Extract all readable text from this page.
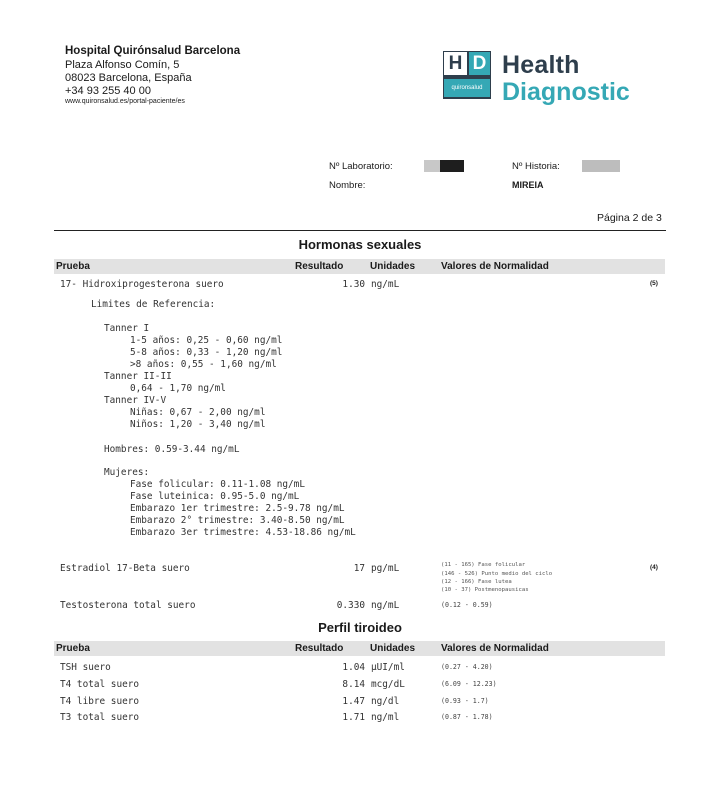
Hospital Quirónsalud Barcelona
Plaza Alfonso Comín, 5
08023 Barcelona, España
+34 93 255 40 00
www.quironsalud.es/portal-paciente/es
H D
quironsalud
Health
Diagnostic
Nº Laboratorio:	Nº Historia:
Nombre:	MIREIA
Página 2 de 3
Hormonas sexuales
Prueba	Resultado	Unidades	Valores de Normalidad
17- Hidroxiprogesterona suero	1.30 ng/mL	(5)
Limites de Referencia:
Tanner I
1-5 años: 0,25 - 0,60 ng/ml
5-8 años: 0,33 - 1,20 ng/ml
>8 años: 0,55 - 1,60 ng/ml
Tanner II-II
0,64 - 1,70 ng/ml
Tanner IV-V
Niñas: 0,67 - 2,00 ng/ml
Niños: 1,20 - 3,40 ng/ml
Hombres: 0.59-3.44 ng/mL
Mujeres:
Fase folicular: 0.11-1.08 ng/mL
Fase luteinica: 0.95-5.0 ng/mL
Embarazo 1er trimestre: 2.5-9.78 ng/mL
Embarazo 2° trimestre: 3.40-8.50 ng/mL
Embarazo 3er trimestre: 4.53-18.86 ng/mL
Estradiol 17-Beta suero	17 pg/mL	(11 - 165) Fase folicular
(146 - 526) Punto medio del ciclo
(12 - 166) Fase lutea
(10 - 37) Postmenopausicas
(4)
Testosterona total suero	0.330 ng/mL	(0.12 - 0.59)
Perfil tiroideo
Prueba	Resultado	Unidades	Valores de Normalidad
TSH suero	1.04 µUI/ml	(0.27 - 4.20)
T4 total suero	8.14 mcg/dL	(6.09 - 12.23)
T4 libre suero	1.47 ng/dl	(0.93 - 1.7)
T3 total suero	1.71 ng/ml	(0.87 - 1.78)
